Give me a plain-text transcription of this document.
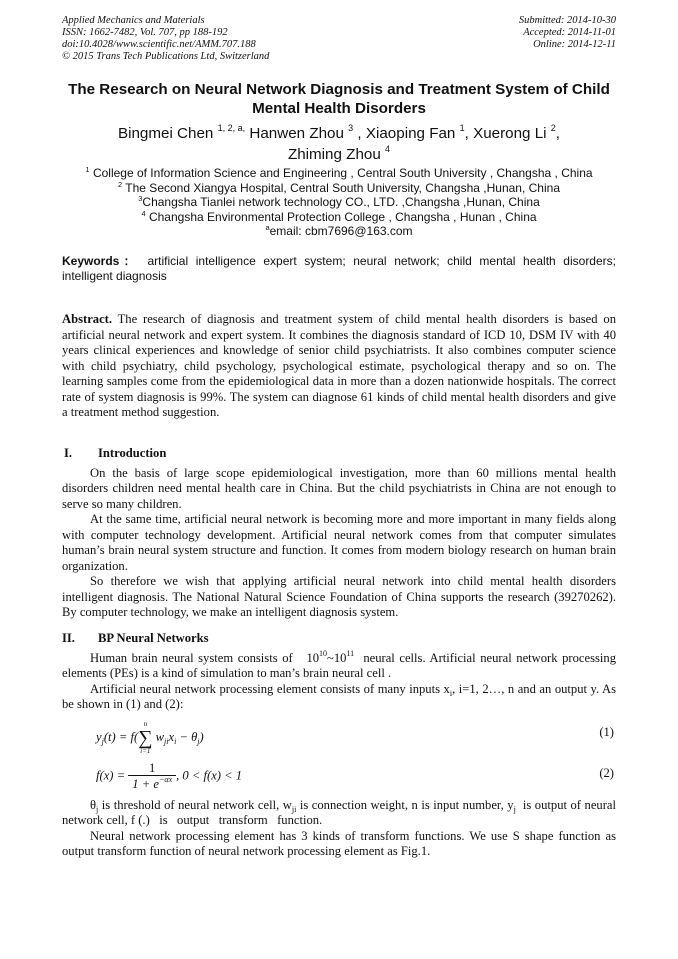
Applied Mechanics and Materials
ISSN: 1662-7482, Vol. 707, pp 188-192
doi:10.4028/www.scientific.net/AMM.707.188
© 2015 Trans Tech Publications Ltd, Switzerland
Submitted: 2014-10-30
Accepted: 2014-11-01
Online: 2014-12-11
The Research on Neural Network Diagnosis and Treatment System of Child Mental Health Disorders
Bingmei Chen $^{1, 2, a,}$ Hanwen Zhou $^3$ , Xiaoping Fan $^1$, Xuerong Li $^2$,
Zhiming Zhou $^4$
$^1$ College of Information Science and Engineering , Central South University , Changsha , China
$^2$ The Second Xiangya Hospital, Central South University, Changsha ,Hunan, China
$^3$Changsha Tianlei network technology CO., LTD. ,Changsha ,Hunan, China
$^4$ Changsha Environmental Protection College , Changsha , Hunan , China
$^a$email: cbm7696@163.com
Keywords： artificial intelligence expert system; neural network; child mental health disorders; intelligent diagnosis

Abstract. The research of diagnosis and treatment system of child mental health disorders is based on artificial neural network and expert system. It combines the diagnosis standard of ICD 10, DSM IV with 40 years clinical experiences and knowledge of senior child psychiatrists. It also combines computer science with child psychiatry, child psychology, psychological estimate, psychological therapy and so on. The learning samples come from the epidemiological data in more than a dozen nationwide hospitals. The correct rate of system diagnosis is 99%. The system can diagnose 61 kinds of child mental health disorders and give a treatment method suggestion.

I. Introduction

On the basis of large scope epidemiological investigation, more than 60 millions mental health disorders children need mental health care in China. But the child psychiatrists in China are not enough to serve so many children.

At the same time, artificial neural network is becoming more and more important in many fields along with computer technology development. Artificial neural network comes from that computer simulates human’s brain neural system structure and function. It comes from modern biology research on human brain organization.

So therefore we wish that applying artificial neural network into child mental health disorders intelligent diagnosis. The National Natural Science Foundation of China supports the research (39270262). By computer technology, we make an intelligent diagnosis system.

II. BP Neural Networks

Human brain neural system consists of $10^{10}\sim 10^{11}$ neural cells. Artificial neural network processing elements (PEs) is a kind of simulation to man’s brain neural cell .

Artificial neural network processing element consists of many inputs $x_i$, i=1, 2…, n and an output y. As be shown in (1) and (2):

$y_j(t) = f$(
n
∑
i=1
$w_{ji}x_i - \theta_j$)	(1)
$f(x) = \frac{1}{1 + e^{-\alpha x}}$ , 0 < f(x) < 1	(2)

$\theta_j$ is threshold of neural network cell, $w_{ji}$ is connection weight, n is input number, $y_j$  is output of neural network cell, f (.)   is   output   transform   function.

Neural network processing element has 3 kinds of transform functions. We use S shape function as output transform function of neural network processing element as Fig.1.
